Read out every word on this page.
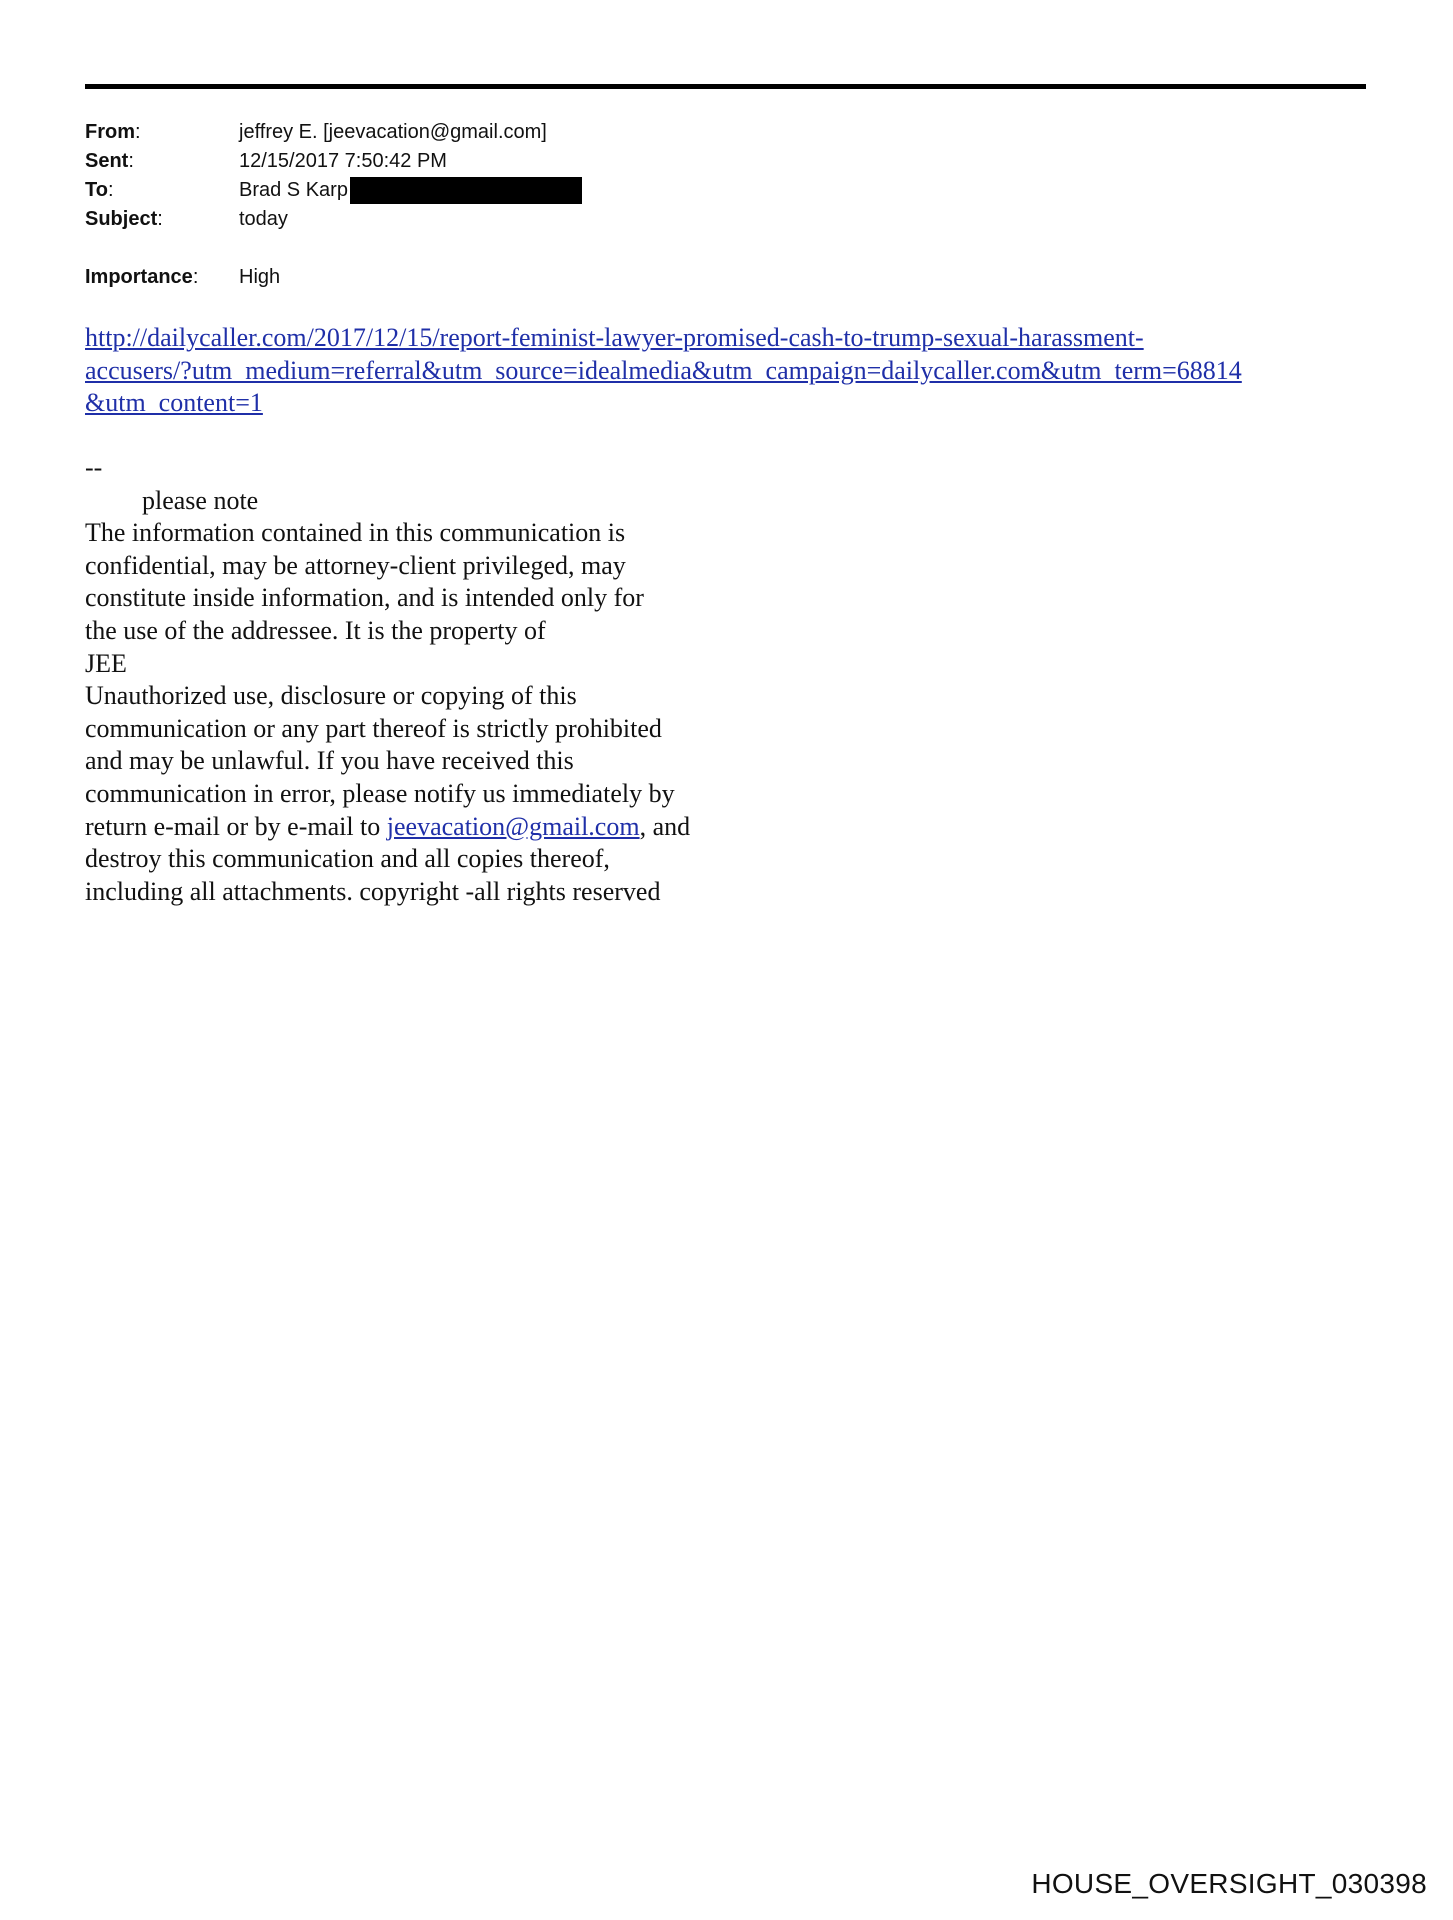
From:	jeffrey E. [jeevacation@gmail.com]
Sent:	12/15/2017 7:50:42 PM
To:	Brad S Karp
Subject:	today
Importance:	High
http://dailycaller.com/2017/12/15/report-feminist-lawyer-promised-cash-to-trump-sexual-harassment-
accusers/?utm_medium=referral&utm_source=idealmedia&utm_campaign=dailycaller.com&utm_term=68814
&utm_content=1
--
please note
The information contained in this communication is
confidential, may be attorney-client privileged, may
constitute inside information, and is intended only for
the use of the addressee. It is the property of
JEE
Unauthorized use, disclosure or copying of this
communication or any part thereof is strictly prohibited
and may be unlawful. If you have received this
communication in error, please notify us immediately by
return e-mail or by e-mail to jeevacation@gmail.com, and
destroy this communication and all copies thereof,
including all attachments. copyright -all rights reserved
HOUSE_OVERSIGHT_030398
